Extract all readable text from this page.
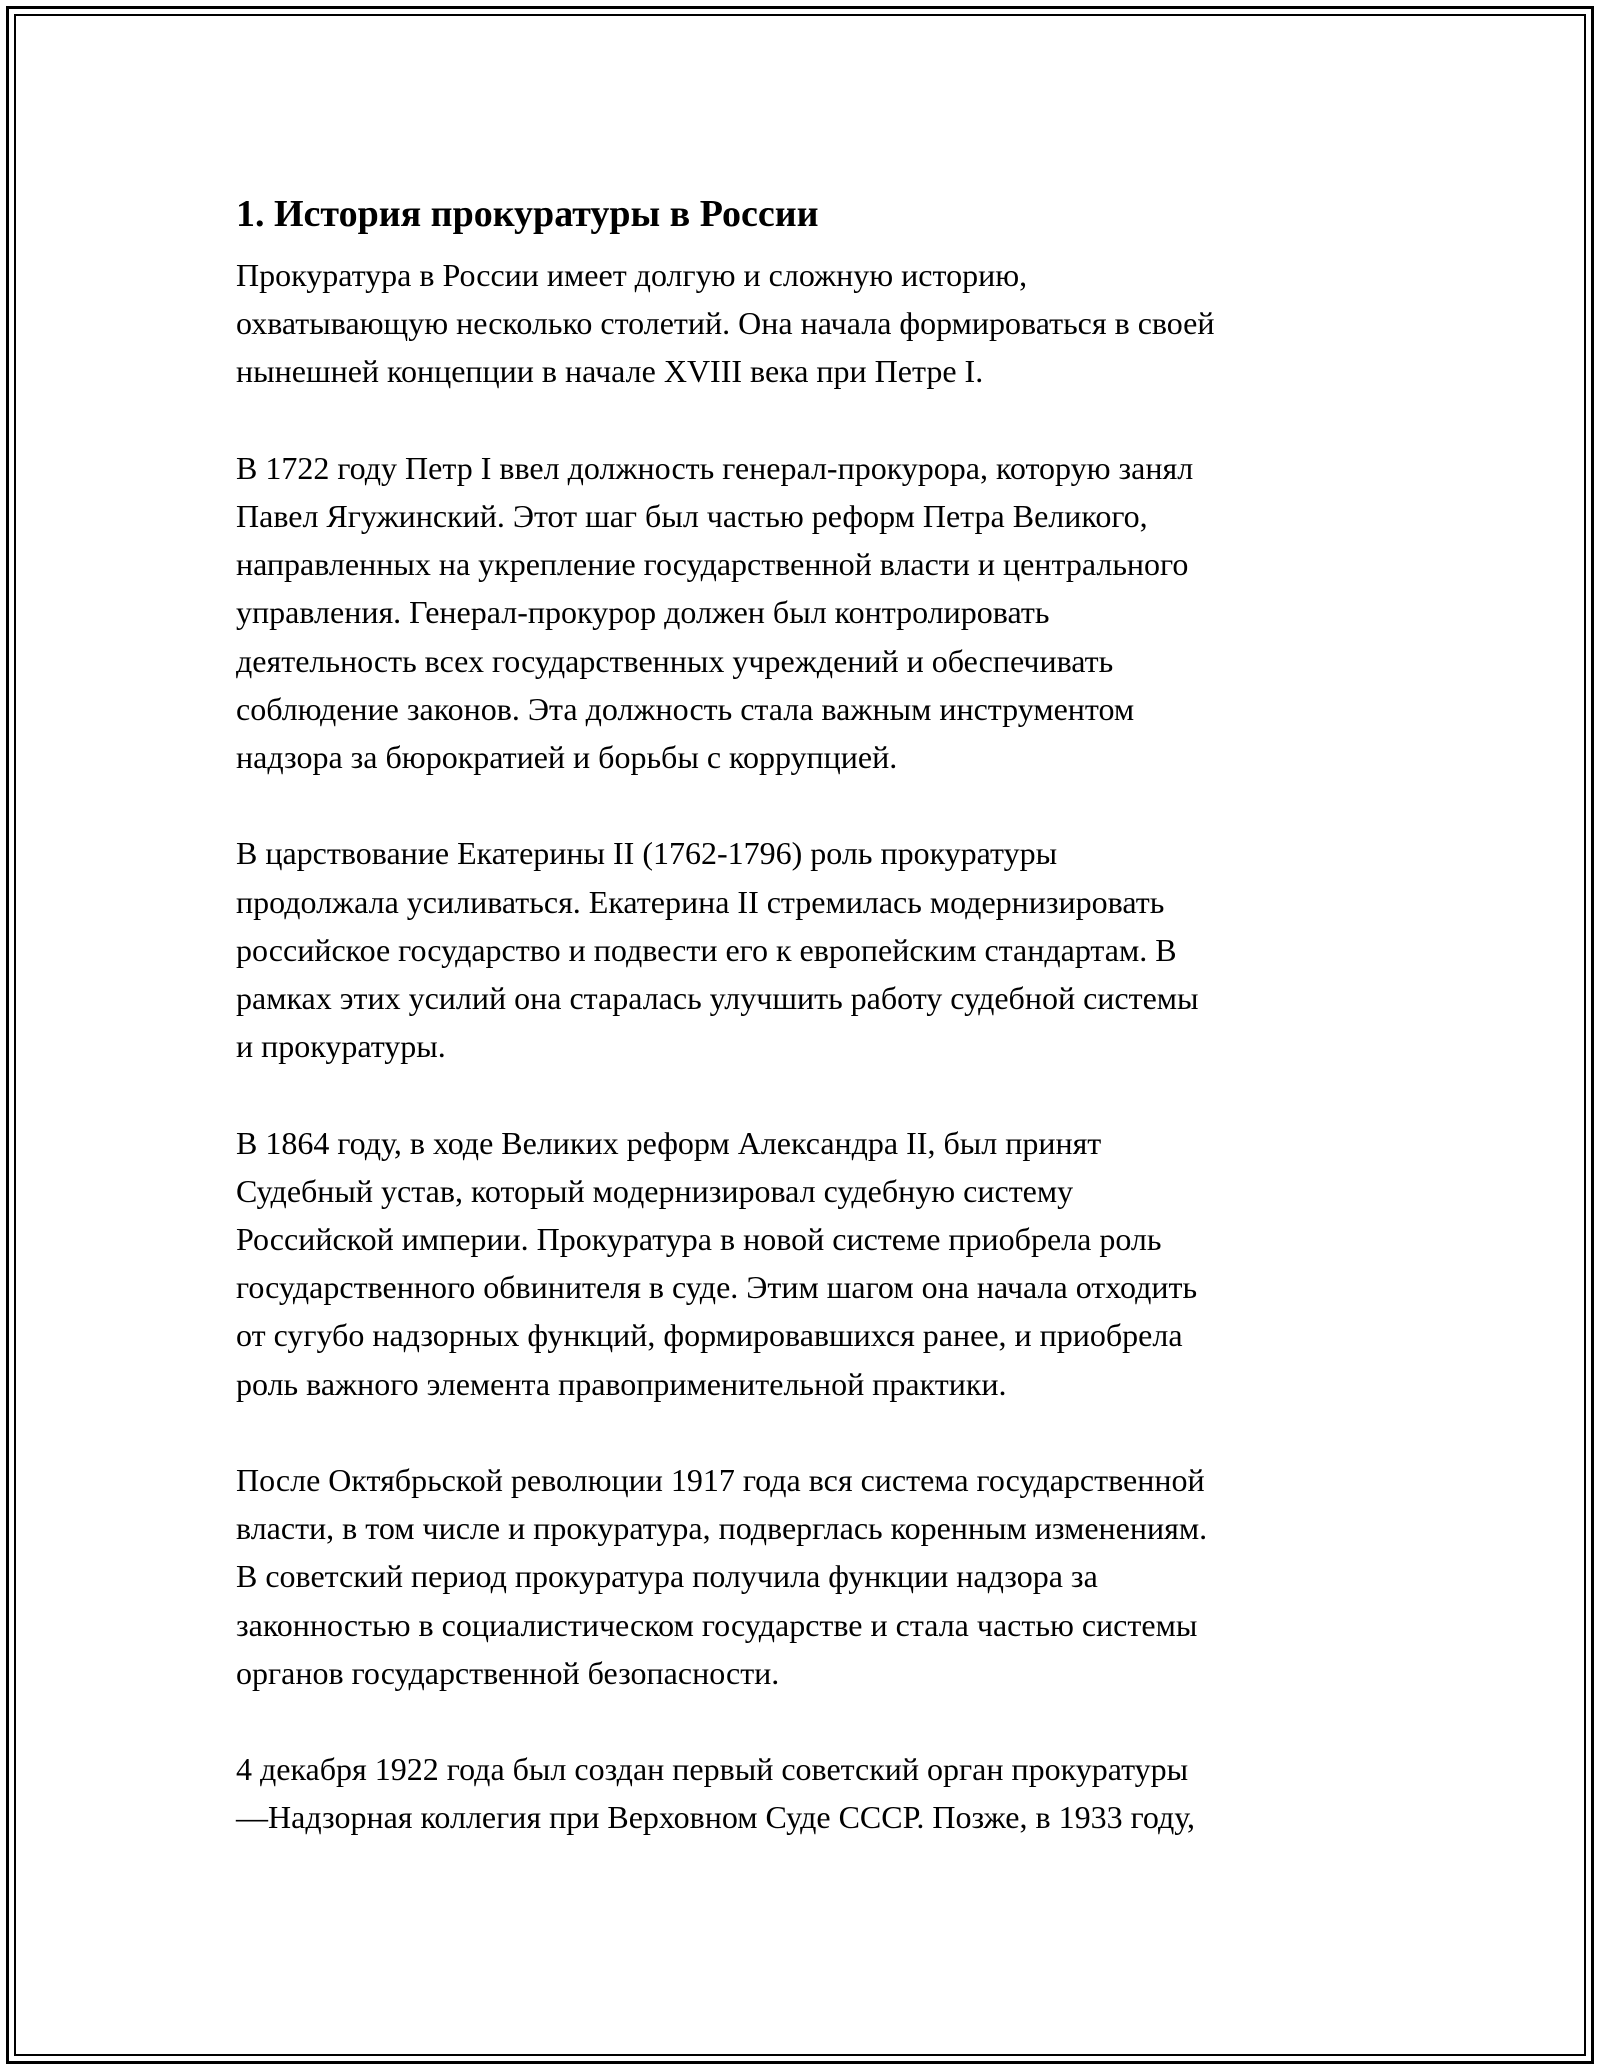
1. История прокуратуры в России

Прокуратура в России имеет долгую и сложную историю,
охватывающую несколько столетий. Она начала формироваться в своей
нынешней концепции в начале XVIII века при Петре I.

В 1722 году Петр I ввел должность генерал-прокурора, которую занял
Павел Ягужинский. Этот шаг был частью реформ Петра Великого,
направленных на укрепление государственной власти и центрального
управления. Генерал-прокурор должен был контролировать
деятельность всех государственных учреждений и обеспечивать
соблюдение законов. Эта должность стала важным инструментом
надзора за бюрократией и борьбы с коррупцией.

В царствование Екатерины II (1762-1796) роль прокуратуры
продолжала усиливаться. Екатерина II стремилась модернизировать
российское государство и подвести его к европейским стандартам. В
рамках этих усилий она старалась улучшить работу судебной системы
и прокуратуры.

В 1864 году, в ходе Великих реформ Александра II, был принят
Судебный устав, который модернизировал судебную систему
Российской империи. Прокуратура в новой системе приобрела роль
государственного обвинителя в суде. Этим шагом она начала отходить
от сугубо надзорных функций, формировавшихся ранее, и приобрела
роль важного элемента правоприменительной практики.

После Октябрьской революции 1917 года вся система государственной
власти, в том числе и прокуратура, подверглась коренным изменениям.
В советский период прокуратура получила функции надзора за
законностью в социалистическом государстве и стала частью системы
органов государственной безопасности.

4 декабря 1922 года был создан первый советский орган прокуратуры
—Надзорная коллегия при Верховном Суде СССР. Позже, в 1933 году,
